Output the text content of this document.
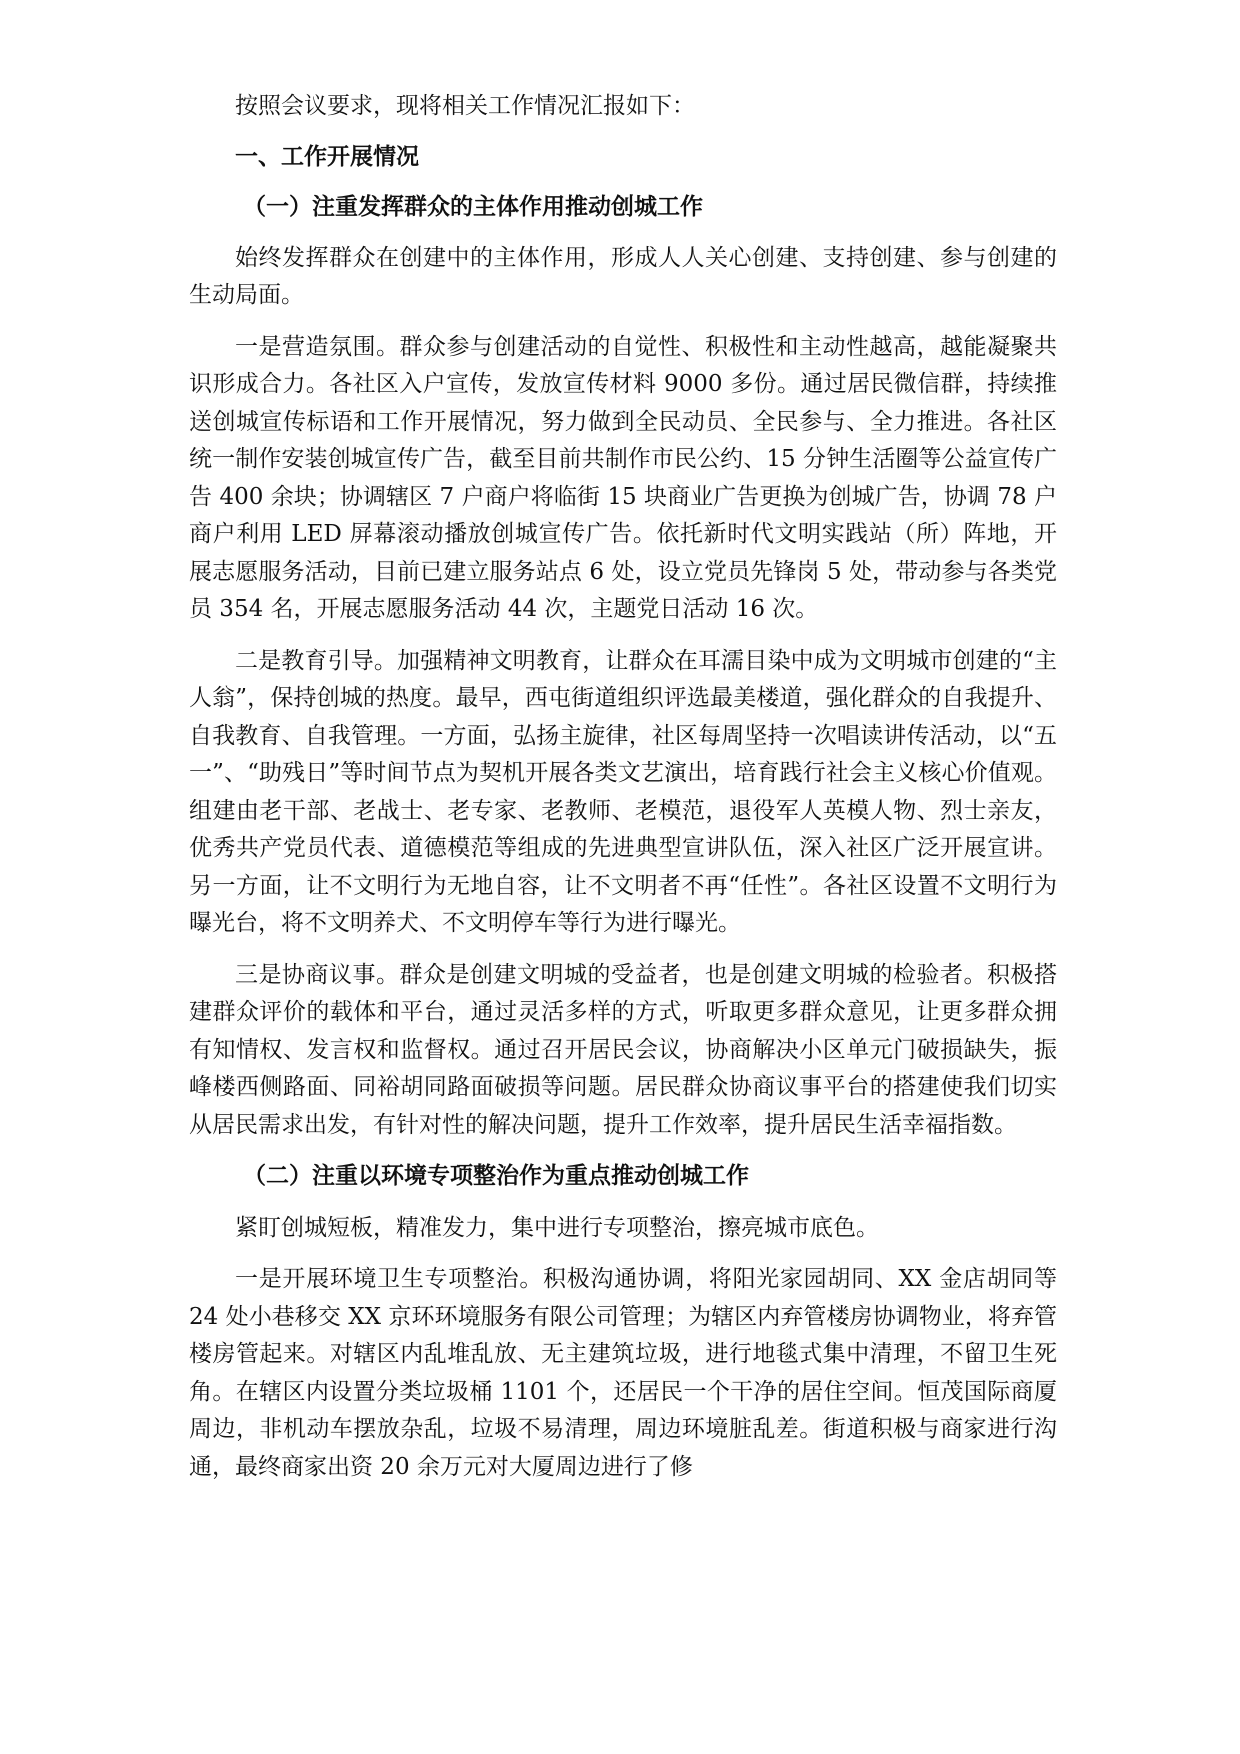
按照会议要求，现将相关工作情况汇报如下：

一、工作开展情况

（一）注重发挥群众的主体作用推动创城工作

始终发挥群众在创建中的主体作用，形成人人关心创建、支持创建、参与创建的生动局面。

一是营造氛围。群众参与创建活动的自觉性、积极性和主动性越高，越能凝聚共识形成合力。各社区入户宣传，发放宣传材料 9000 多份。通过居民微信群，持续推送创城宣传标语和工作开展情况，努力做到全民动员、全民参与、全力推进。各社区统一制作安装创城宣传广告，截至目前共制作市民公约、15 分钟生活圈等公益宣传广告 400 余块；协调辖区 7 户商户将临街 15 块商业广告更换为创城广告，协调 78 户商户利用 LED 屏幕滚动播放创城宣传广告。依托新时代文明实践站（所）阵地，开展志愿服务活动，目前已建立服务站点 6 处，设立党员先锋岗 5 处，带动参与各类党员 354 名，开展志愿服务活动 44 次，主题党日活动 16 次。

二是教育引导。加强精神文明教育，让群众在耳濡目染中成为文明城市创建的“主人翁”，保持创城的热度。最早，西屯街道组织评选最美楼道，强化群众的自我提升、自我教育、自我管理。一方面，弘扬主旋律，社区每周坚持一次唱读讲传活动，以“五一”、“助残日”等时间节点为契机开展各类文艺演出，培育践行社会主义核心价值观。组建由老干部、老战士、老专家、老教师、老模范，退役军人英模人物、烈士亲友，优秀共产党员代表、道德模范等组成的先进典型宣讲队伍，深入社区广泛开展宣讲。另一方面，让不文明行为无地自容，让不文明者不再“任性”。各社区设置不文明行为曝光台，将不文明养犬、不文明停车等行为进行曝光。

三是协商议事。群众是创建文明城的受益者，也是创建文明城的检验者。积极搭建群众评价的载体和平台，通过灵活多样的方式，听取更多群众意见，让更多群众拥有知情权、发言权和监督权。通过召开居民会议，协商解决小区单元门破损缺失，振峰楼西侧路面、同裕胡同路面破损等问题。居民群众协商议事平台的搭建使我们切实从居民需求出发，有针对性的解决问题，提升工作效率，提升居民生活幸福指数。

（二）注重以环境专项整治作为重点推动创城工作

紧盯创城短板，精准发力，集中进行专项整治，擦亮城市底色。

一是开展环境卫生专项整治。积极沟通协调，将阳光家园胡同、XX 金店胡同等 24 处小巷移交 XX 京环环境服务有限公司管理；为辖区内弃管楼房协调物业，将弃管楼房管起来。对辖区内乱堆乱放、无主建筑垃圾，进行地毯式集中清理，不留卫生死角。在辖区内设置分类垃圾桶 1101 个，还居民一个干净的居住空间。恒茂国际商厦周边，非机动车摆放杂乱，垃圾不易清理，周边环境脏乱差。街道积极与商家进行沟通，最终商家出资 20 余万元对大厦周边进行了修
